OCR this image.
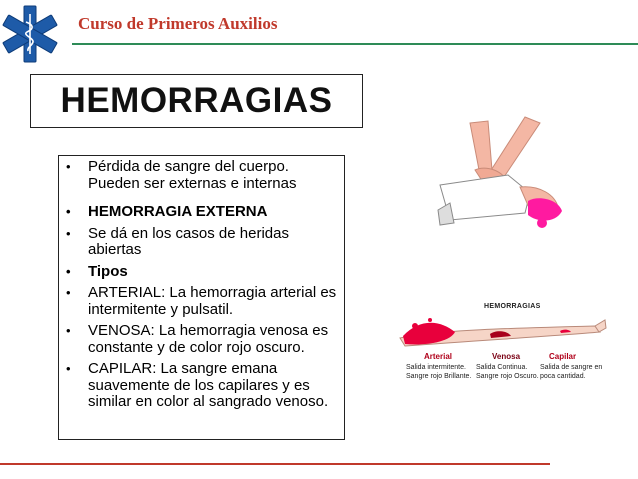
Curso de Primeros Auxilios
HEMORRAGIAS
• Pérdida de sangre del cuerpo. Pueden ser externas e internas
• HEMORRAGIA EXTERNA
• Se dá en los casos de heridas abiertas
• Tipos
• ARTERIAL: La hemorragia arterial es intermitente y pulsatil.
• VENOSA: La hemorragia venosa es constante y de color rojo oscuro.
• CAPILAR: La sangre emana suavemente de los capilares y es similar en color al sangrado venoso.
HEMORRAGIAS
Arterial
Salida intermitente. Sangre rojo Brillante.
Venosa
Salida Continua. Sangre rojo Oscuro.
Capilar
Salida de sangre en poca cantidad.
